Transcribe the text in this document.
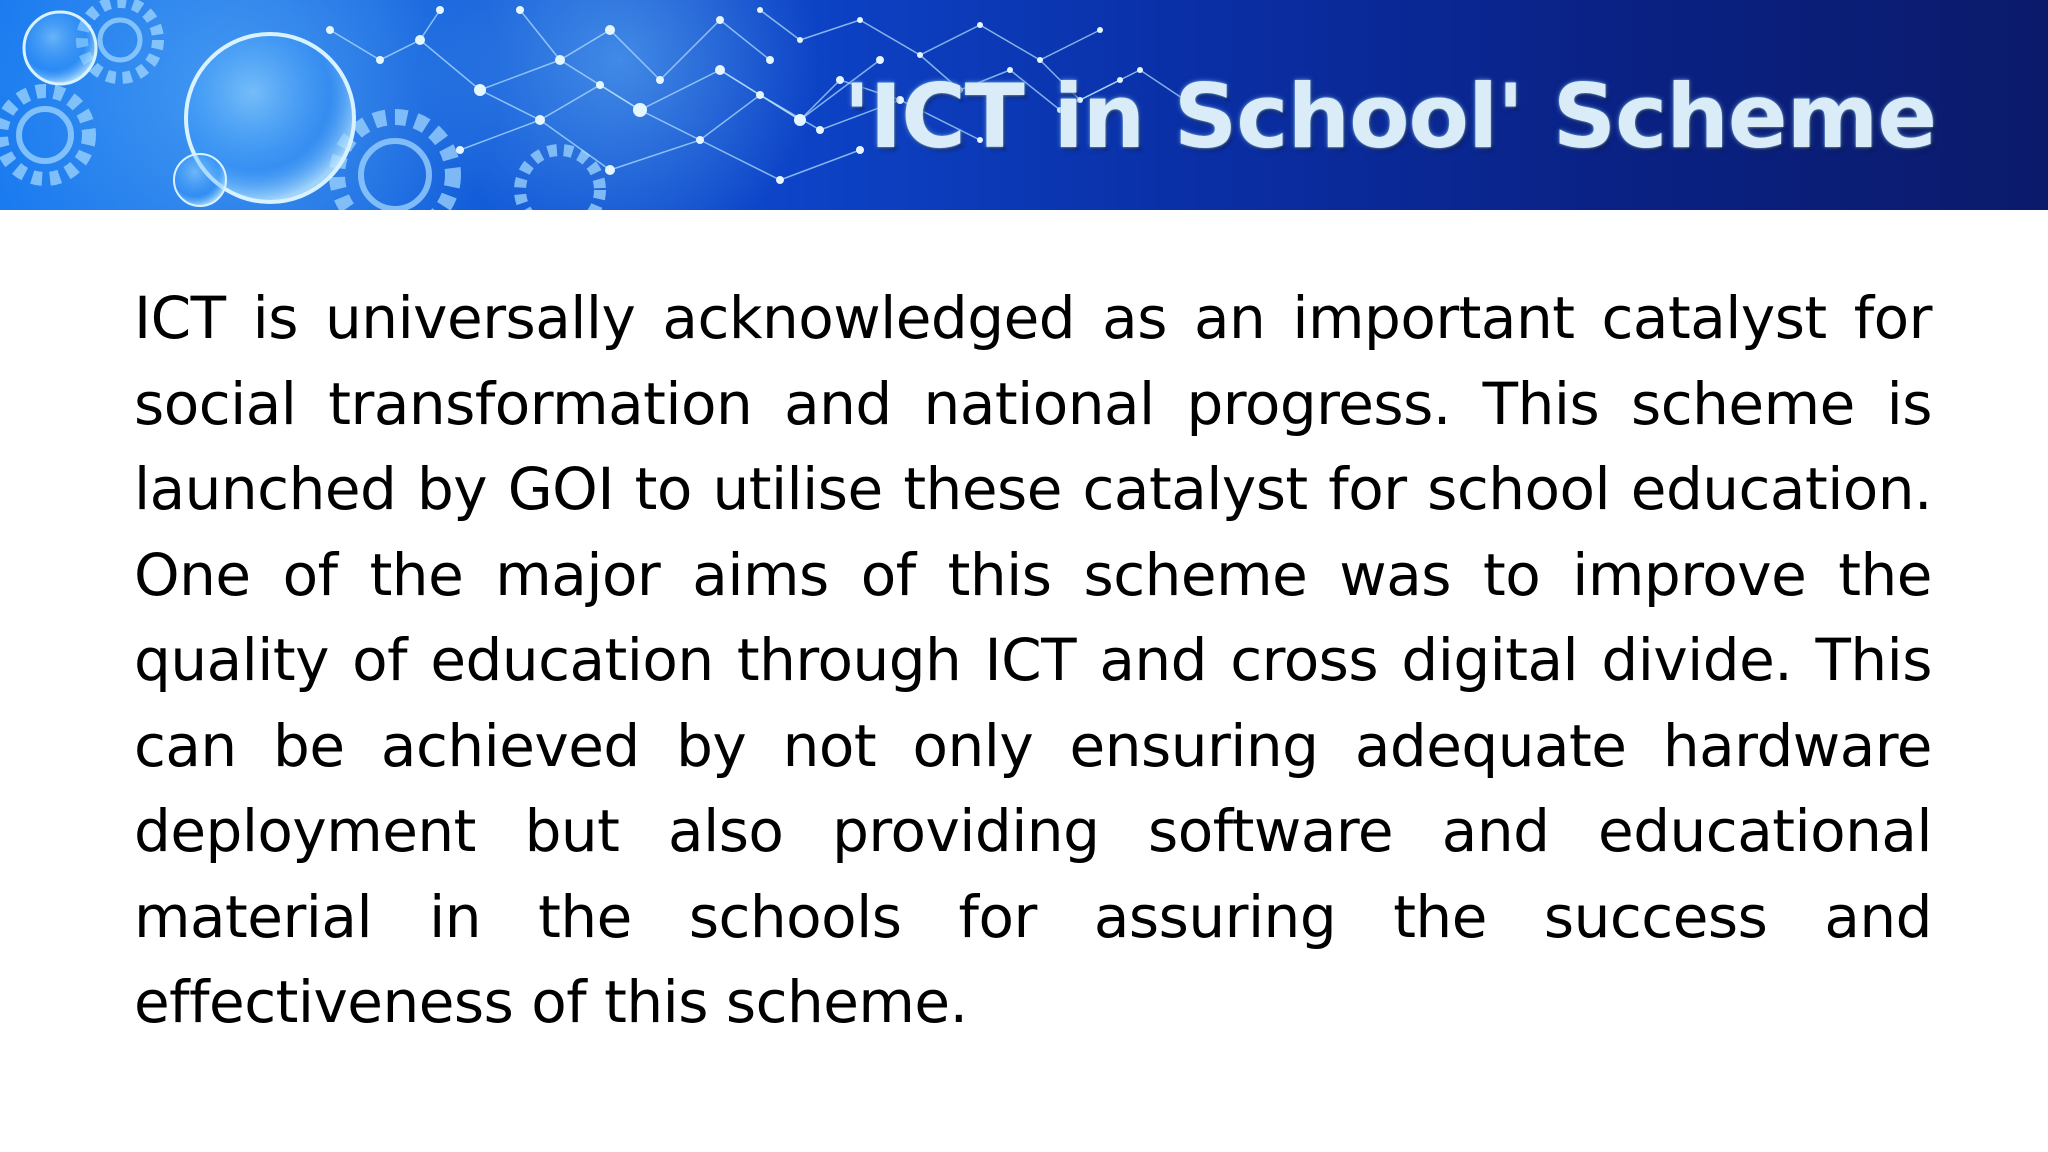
'ICT in School' Scheme

ICT is universally acknowledged as an important catalyst for social transformation and national progress. This scheme is launched by GOI to utilise these catalyst for school education. One of the major aims of this scheme was to improve the quality of education through ICT and cross digital divide. This can be achieved by not only ensuring adequate hardware deployment but also providing software and educational material in the schools for assuring the success and effectiveness of this scheme.
